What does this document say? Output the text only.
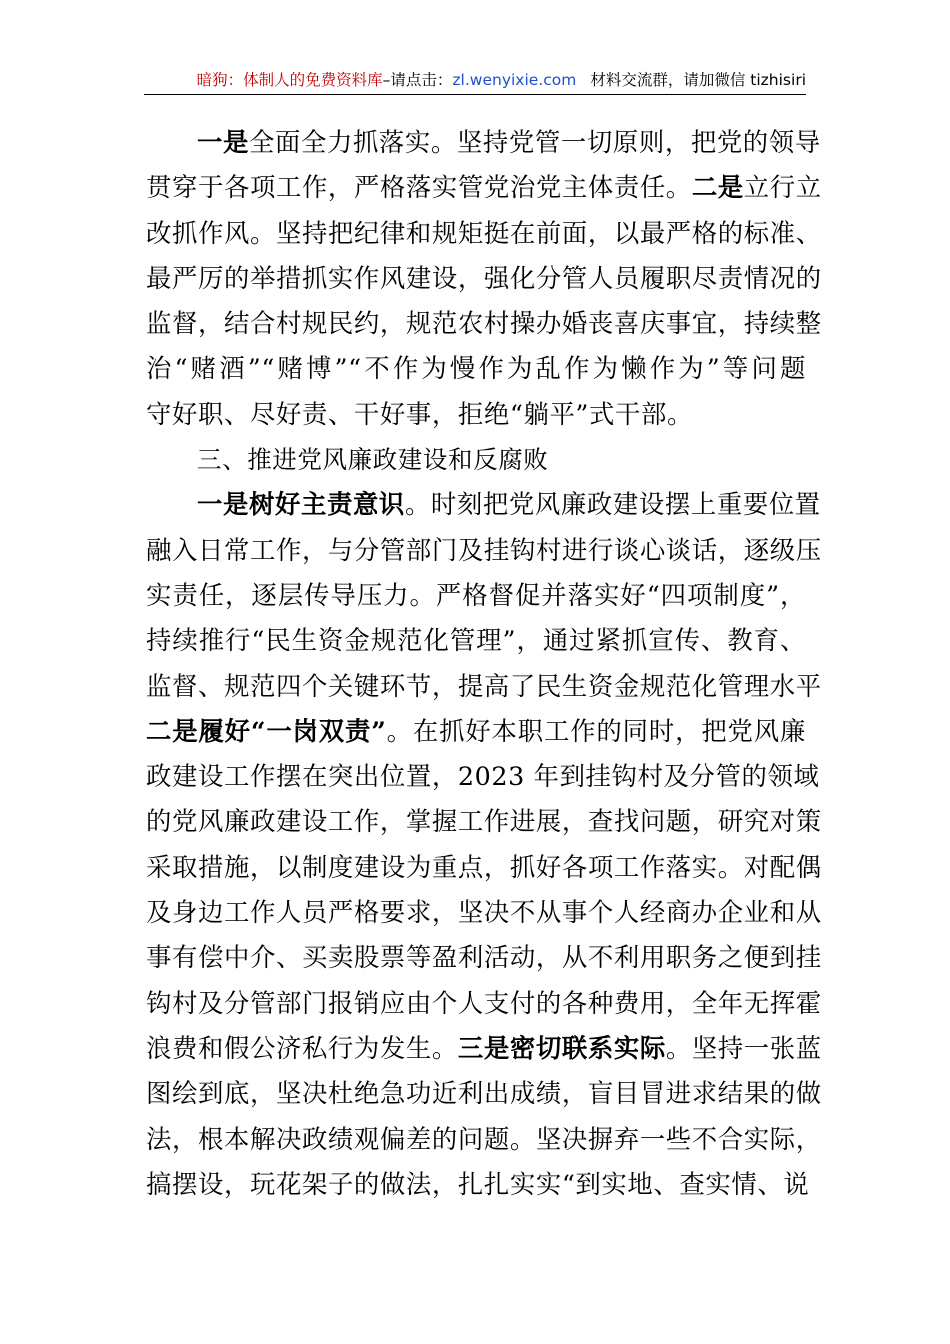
暗狗：体制人的免费资料库–请点击：zl.wenyixie.com 材料交流群，请加微信 tizhisiri
一是全面全力抓落实。坚持党管一切原则，把党的领导
贯穿于各项工作，严格落实管党治党主体责任。二是立行立
改抓作风。坚持把纪律和规矩挺在前面，以最严格的标准、
最严厉的举措抓实作风建设，强化分管人员履职尽责情况的
监督，结合村规民约，规范农村操办婚丧喜庆事宜，持续整
治“赌酒”“赌博”“不作为慢作为乱作为懒作为”等问题
守好职、尽好责、干好事，拒绝“躺平”式干部。
三、推进党风廉政建设和反腐败
一是树好主责意识。时刻把党风廉政建设摆上重要位置
融入日常工作，与分管部门及挂钩村进行谈心谈话，逐级压
实责任，逐层传导压力。严格督促并落实好“四项制度”，
持续推行“民生资金规范化管理”，通过紧抓宣传、教育、
监督、规范四个关键环节，提高了民生资金规范化管理水平
二是履好“一岗双责”。在抓好本职工作的同时，把党风廉
政建设工作摆在突出位置，2023 年到挂钩村及分管的领域
的党风廉政建设工作，掌握工作进展，查找问题，研究对策
采取措施，以制度建设为重点，抓好各项工作落实。对配偶
及身边工作人员严格要求，坚决不从事个人经商办企业和从
事有偿中介、买卖股票等盈利活动，从不利用职务之便到挂
钩村及分管部门报销应由个人支付的各种费用，全年无挥霍
浪费和假公济私行为发生。三是密切联系实际。坚持一张蓝
图绘到底，坚决杜绝急功近利出成绩，盲目冒进求结果的做
法，根本解决政绩观偏差的问题。坚决摒弃一些不合实际，
搞摆设，玩花架子的做法，扎扎实实“到实地、查实情、说
